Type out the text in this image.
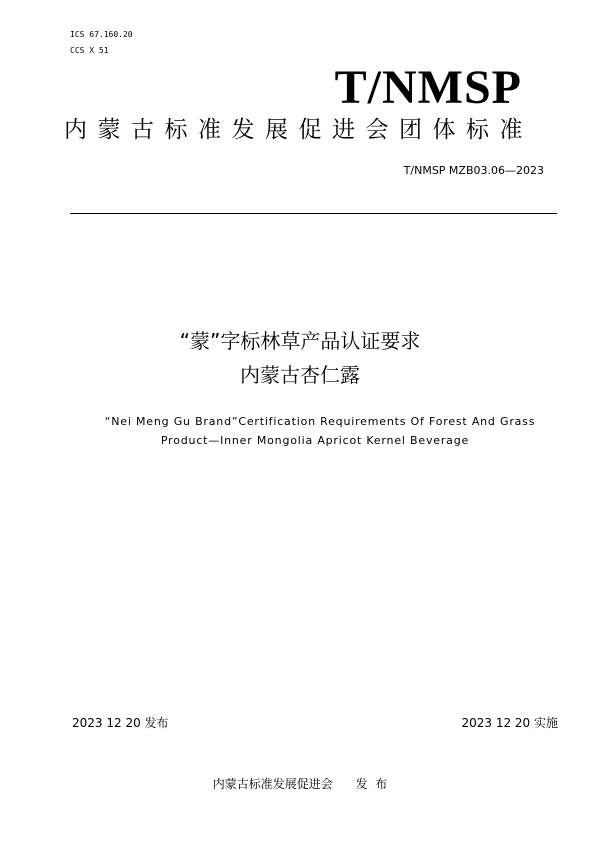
ICS 67.160.20
CCS X 51
T/NMSP
内蒙古标准发展促进会团体标准
T/NMSP MZB03.06—2023
“蒙”字标林草产品认证要求
内蒙古杏仁露
“Nei Meng Gu Brand”Certification Requirements Of Forest And Grass
Product—Inner Mongolia Apricot Kernel Beverage
2023 12 20 发布	2023 12 20 实施
内蒙古标准发展促进会      发  布
